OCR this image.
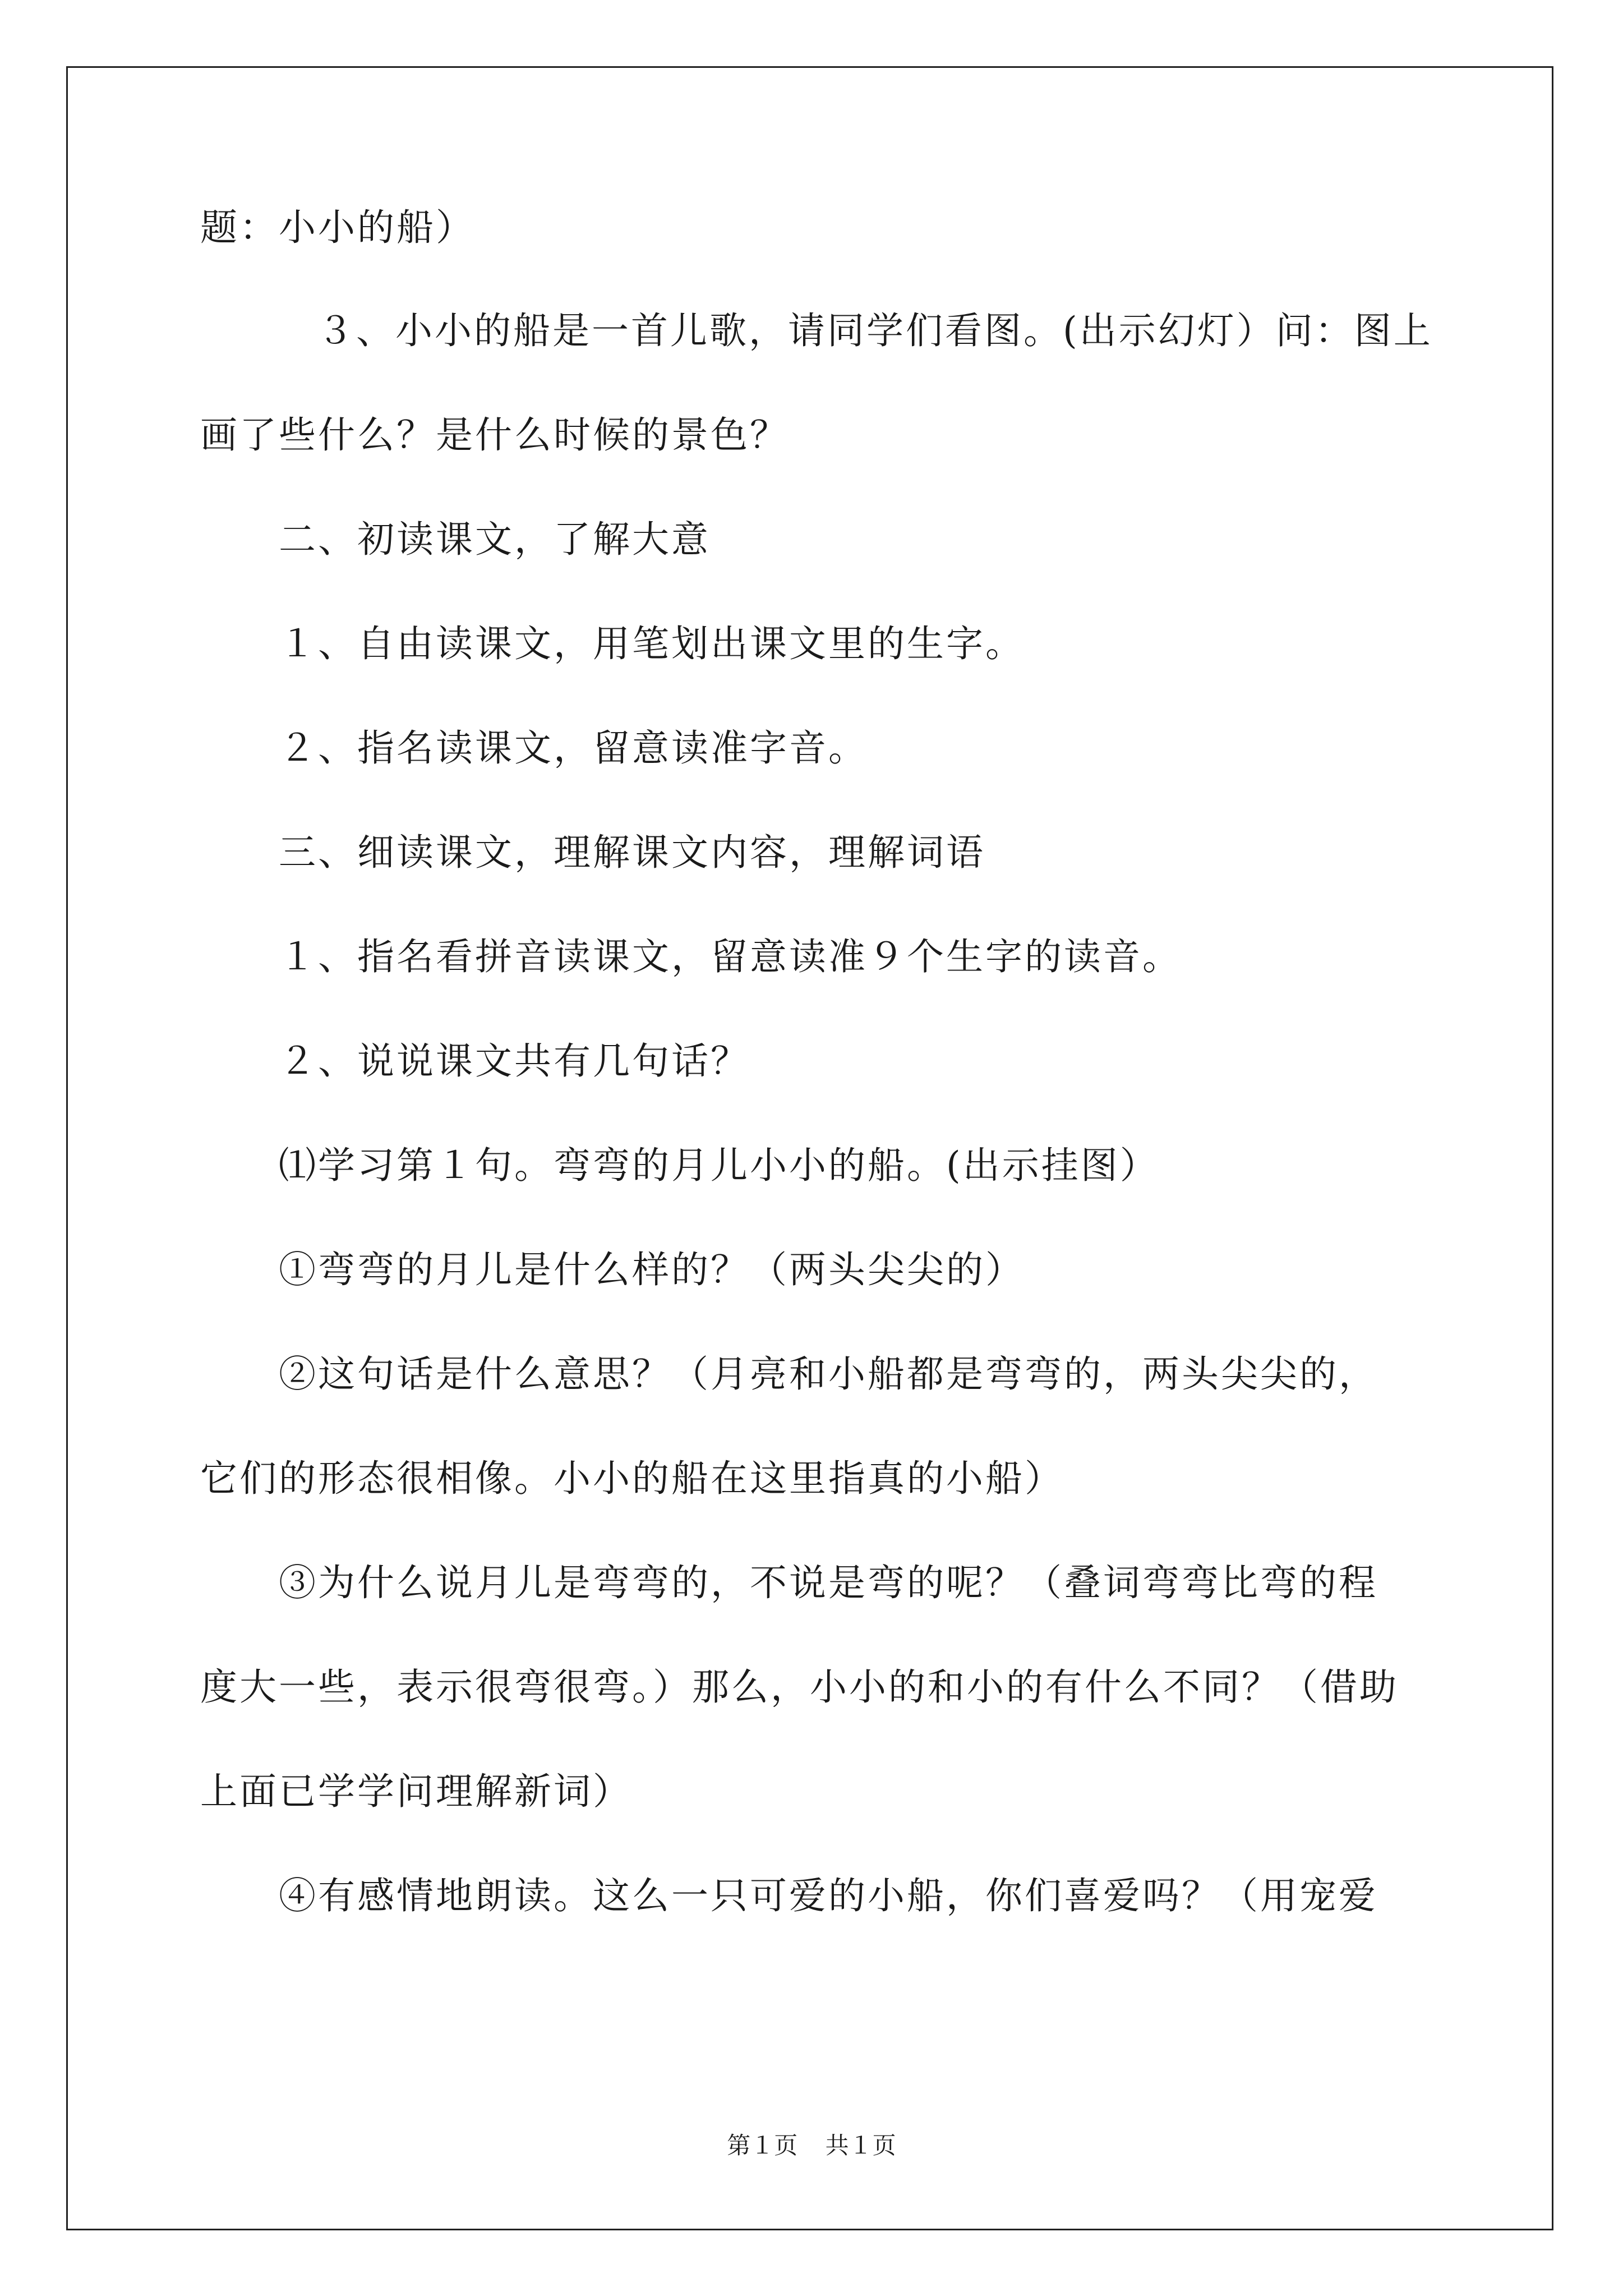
题：小小的船）
　３、小小的船是一首儿歌，请同学们看图。(出示幻灯）问：图上
画了些什么？是什么时候的景色？
　　二、初读课文，了解大意
　　１、自由读课文，用笔划出课文里的生字。
　　２、指名读课文，留意读准字音。
　　三、细读课文，理解课文内容，理解词语
　　１、指名看拼音读课文，留意读准９个生字的读音。
　　２、说说课文共有几句话？
　　⑴学习第１句。弯弯的月儿小小的船。(出示挂图）
　　①弯弯的月儿是什么样的？（两头尖尖的）
　　②这句话是什么意思？（月亮和小船都是弯弯的，两头尖尖的，
它们的形态很相像。小小的船在这里指真的小船）
　　③为什么说月儿是弯弯的，不说是弯的呢？（叠词弯弯比弯的程
度大一些，表示很弯很弯。）那么，小小的和小的有什么不同？（借助
上面已学学问理解新词）
　　④有感情地朗读。这么一只可爱的小船，你们喜爱吗？（用宠爱
第１页 共１页
